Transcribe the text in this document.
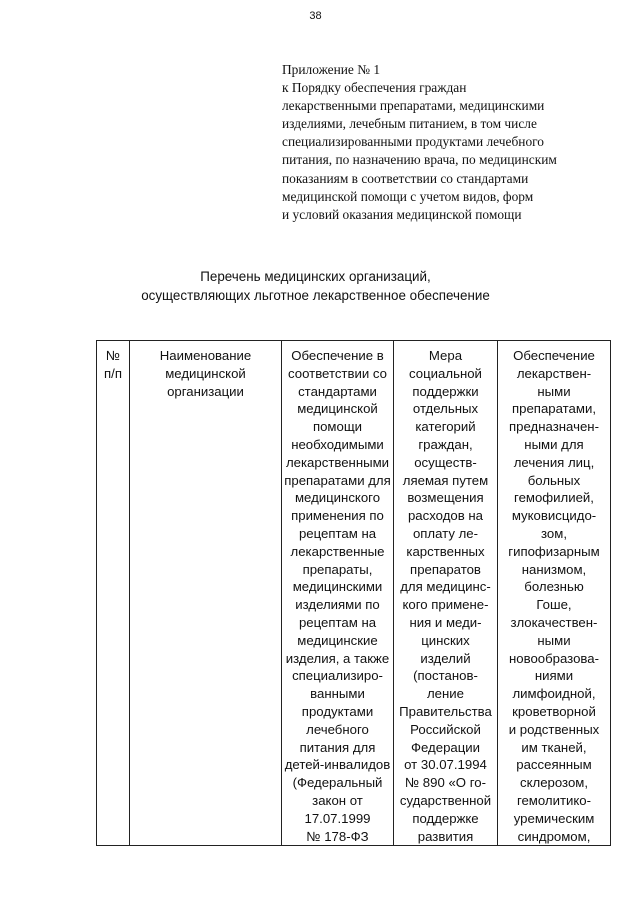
38
Приложение № 1
к Порядку обеспечения граждан
лекарственными препаратами, медицинскими
изделиями, лечебным питанием, в том числе
специализированными продуктами лечебного
питания, по назначению врача, по медицинским
показаниям в соответствии со стандартами
медицинской помощи с учетом видов, форм
и условий оказания медицинской помощи
Перечень медицинских организаций,
осуществляющих льготное лекарственное обеспечение
№
п/п

Наименование
медицинской
организации

Обеспечение в
соответствии со
стандартами
медицинской
помощи
необходимыми
лекарственными
препаратами для
медицинского
применения по
рецептам на
лекарственные
препараты,
медицинскими
изделиями по
рецептам на
медицинские
изделия, а также
специализиро-
ванными
продуктами
лечебного
питания для
детей-инвалидов
(Федеральный
закон от
17.07.1999
№ 178-ФЗ

Мера
социальной
поддержки
отдельных
категорий
граждан,
осуществ-
ляемая путем
возмещения
расходов на
оплату ле-
карственных
препаратов
для медицинс-
кого примене-
ния и меди-
цинских
изделий
(постанов-
ление
Правительства
Российской
Федерации
от 30.07.1994
№ 890 «О го-
сударственной
поддержке
развития

Обеспечение
лекарствен-
ными
препаратами,
предназначен-
ными для
лечения лиц,
больных
гемофилией,
муковисцидо-
зом,
гипофизарным
нанизмом,
болезнью
Гоше,
злокачествен-
ными
новообразова-
ниями
лимфоидной,
кроветворной
и родственных
им тканей,
рассеянным
склерозом,
гемолитико-
уремическим
синдромом,
